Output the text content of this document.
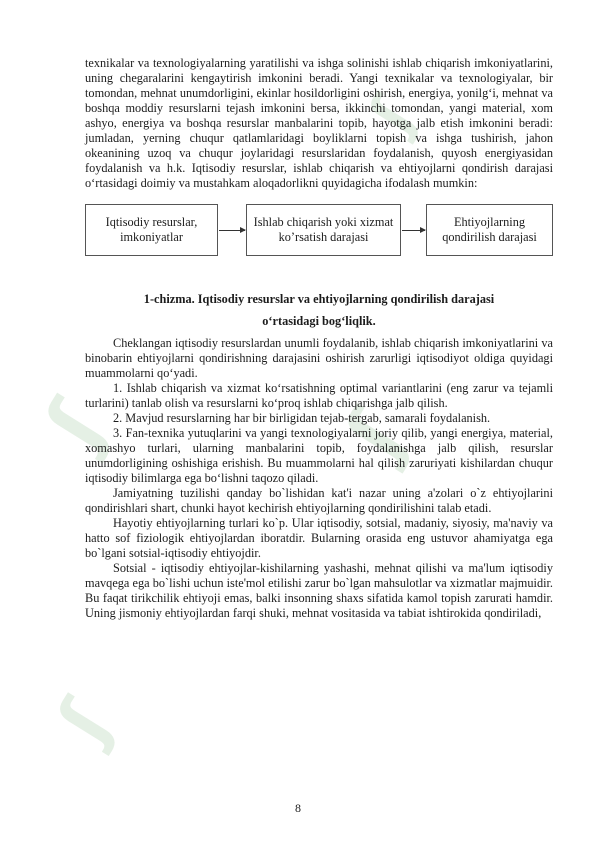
ʃ	ʃ
ʃ
ʃ

texnikalar va texnologiyalarning yaratilishi va ishga solinishi ishlab chiqarish imkoniyatlarini, uning chegaralarini kengaytirish imkonini beradi. Yangi texnikalar va texnologiyalar, bir tomondan, mehnat unumdorligini, ekinlar hosildorligini oshirish, energiya, yonilg‘i, mehnat va boshqa moddiy resurslarni tejash imkonini bersa, ikkinchi tomondan, yangi material, xom ashyo, energiya va boshqa resurslar manbalarini topib, hayotga jalb etish imkonini beradi: jumladan, yerning chuqur qatlamlaridagi boyliklarni topish va ishga tushirish, jahon okeanining uzoq va chuqur joylaridagi resurslaridan foydalanish, quyosh energiyasidan foydalanish va h.k. Iqtisodiy resurslar, ishlab chiqarish va ehtiyojlarni qondirish darajasi o‘rtasidagi doimiy va mustahkam aloqadorlikni quyidagicha ifodalash mumkin:

Iqtisodiy resurslar, imkoniyatlar
Ishlab chiqarish yoki xizmat ko’rsatish darajasi
Ehtiyojlarning qondirilish darajasi
1-chizma. Iqtisodiy resurslar va ehtiyojlarning qondirilish darajasi
o‘rtasidagi bog‘liqlik.

Cheklangan iqtisodiy resurslardan unumli foydalanib, ishlab chiqarish imkoniyatlarini va binobarin ehtiyojlarni qondirishning darajasini oshirish zarurligi iqtisodiyot oldiga quyidagi muammolarni qo‘yadi.

1. Ishlab chiqarish va xizmat ko‘rsatishning optimal variantlarini (eng zarur va tejamli turlarini) tanlab olish va resurslarni ko‘proq ishlab chiqarishga jalb qilish.

2. Mavjud resurslarning har bir birligidan tejab-tergab, samarali foydalanish.

3. Fan-texnika yutuqlarini va yangi texnologiyalarni joriy qilib, yangi energiya, material, xomashyo turlari, ularning manbalarini topib, foydalanishga jalb qilish, resurslar unumdorligining oshishiga erishish. Bu muammolarni hal qilish zaruriyati kishilardan chuqur iqtisodiy bilimlarga ega bo‘lishni taqozo qiladi.

Jamiyatning tuzilishi qanday bo`lishidan kat'i nazar uning a'zolari o`z ehtiyojlarini qondirishlari shart, chunki hayot kechirish ehtiyojlarning qondirilishini talab etadi.

Hayotiy ehtiyojlarning turlari ko`p. Ular iqtisodiy, sotsial, madaniy, siyosiy, ma'naviy va hatto sof fiziologik ehtiyojlardan iboratdir. Bularning orasida eng ustuvor ahamiyatga ega bo`lgani sotsial-iqtisodiy ehtiyojdir.

Sotsial - iqtisodiy ehtiyojlar-kishilarning yashashi, mehnat qilishi va ma'lum iqtisodiy mavqega ega bo`lishi uchun iste'mol etilishi zarur bo`lgan mahsulotlar va xizmatlar majmuidir. Bu faqat tirikchilik ehtiyoji emas, balki insonning shaxs sifatida kamol topish zarurati hamdir. Uning jismoniy ehtiyojlardan farqi shuki, mehnat vositasida va tabiat ishtirokida qondiriladi,

8
